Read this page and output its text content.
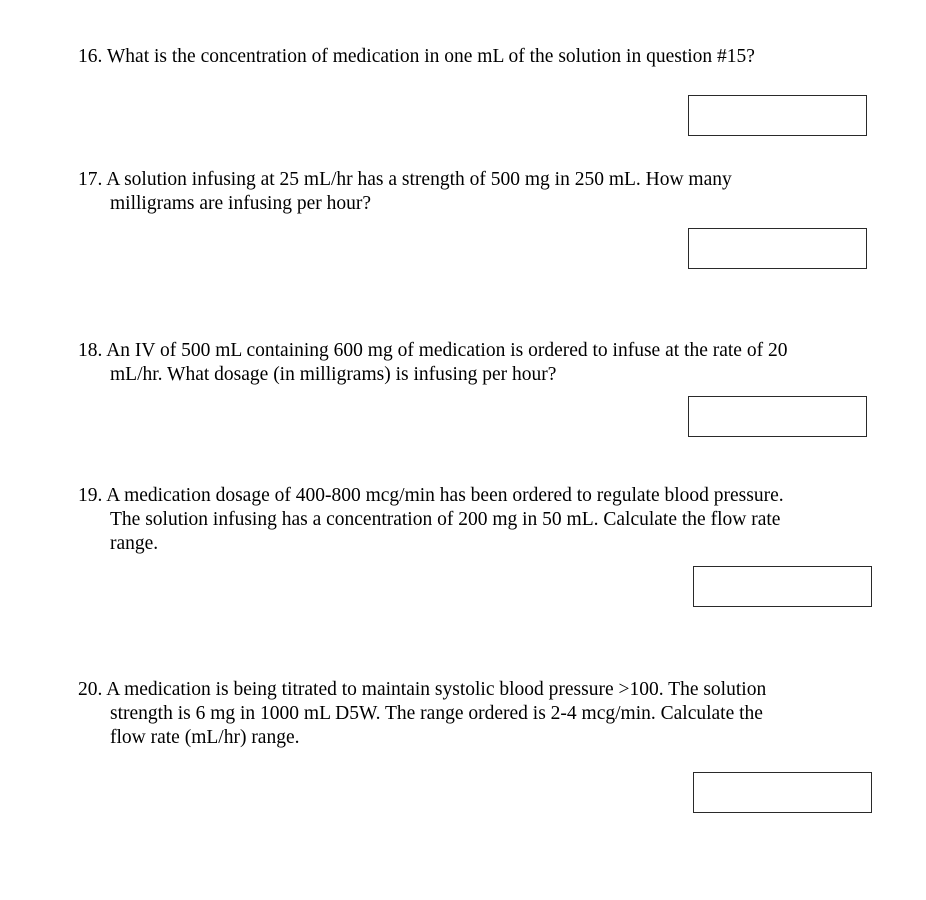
16. What is the concentration of medication in one mL of the solution in question #15?
17. A solution infusing at 25 mL/hr has a strength of 500 mg in 250 mL. How many
milligrams are infusing per hour?
18. An IV of 500 mL containing 600 mg of medication is ordered to infuse at the rate of 20
mL/hr. What dosage (in milligrams) is infusing per hour?
19. A medication dosage of 400-800 mcg/min has been ordered to regulate blood pressure.
The solution infusing has a concentration of 200 mg in 50 mL. Calculate the flow rate
range.
20. A medication is being titrated to maintain systolic blood pressure >100. The solution
strength is 6 mg in 1000 mL D5W. The range ordered is 2-4 mcg/min. Calculate the
flow rate (mL/hr) range.
